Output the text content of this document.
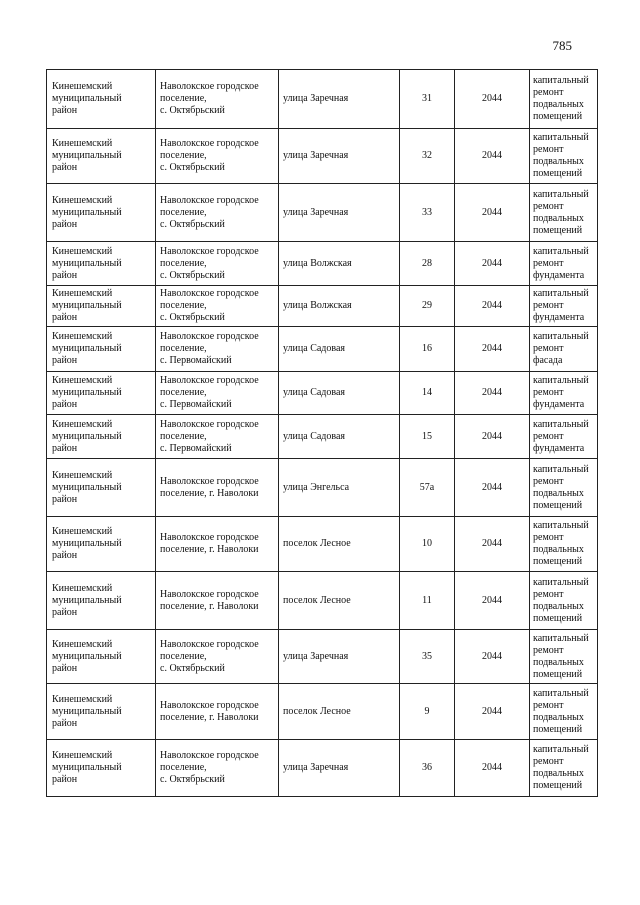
785
Кинешемский
муниципальный
район	Наволокское городское
поселение,
с. Октябрьский	улица Заречная	31	2044	капитальный
ремонт
подвальных
помещений

Кинешемский
муниципальный
район	Наволокское городское
поселение,
с. Октябрьский	улица Заречная	32	2044	капитальный
ремонт
подвальных
помещений

Кинешемский
муниципальный
район	Наволокское городское
поселение,
с. Октябрьский	улица Заречная	33	2044	капитальный
ремонт
подвальных
помещений

Кинешемский
муниципальный
район	Наволокское городское
поселение,
с. Октябрьский	улица Волжская	28	2044	капитальный
ремонт
фундамента

Кинешемский
муниципальный
район	Наволокское городское
поселение,
с. Октябрьский	улица Волжская	29	2044	капитальный
ремонт
фундамента

Кинешемский
муниципальный
район	Наволокское городское
поселение,
с. Первомайский	улица Садовая	16	2044	капитальный
ремонт фасада

Кинешемский
муниципальный
район	Наволокское городское
поселение,
с. Первомайский	улица Садовая	14	2044	капитальный
ремонт
фундамента

Кинешемский
муниципальный
район	Наволокское городское
поселение,
с. Первомайский	улица Садовая	15	2044	капитальный
ремонт
фундамента

Кинешемский
муниципальный
район	Наволокское городское
поселение, г. Наволоки	улица Энгельса	57а	2044	капитальный
ремонт
подвальных
помещений

Кинешемский
муниципальный
район	Наволокское городское
поселение, г. Наволоки	поселок Лесное	10	2044	капитальный
ремонт
подвальных
помещений

Кинешемский
муниципальный
район	Наволокское городское
поселение, г. Наволоки	поселок Лесное	11	2044	капитальный
ремонт
подвальных
помещений

Кинешемский
муниципальный
район	Наволокское городское
поселение,
с. Октябрьский	улица Заречная	35	2044	капитальный
ремонт
подвальных
помещений

Кинешемский
муниципальный
район	Наволокское городское
поселение, г. Наволоки	поселок Лесное	9	2044	капитальный
ремонт
подвальных
помещений

Кинешемский
муниципальный
район	Наволокское городское
поселение,
с. Октябрьский	улица Заречная	36	2044	капитальный
ремонт
подвальных
помещений
